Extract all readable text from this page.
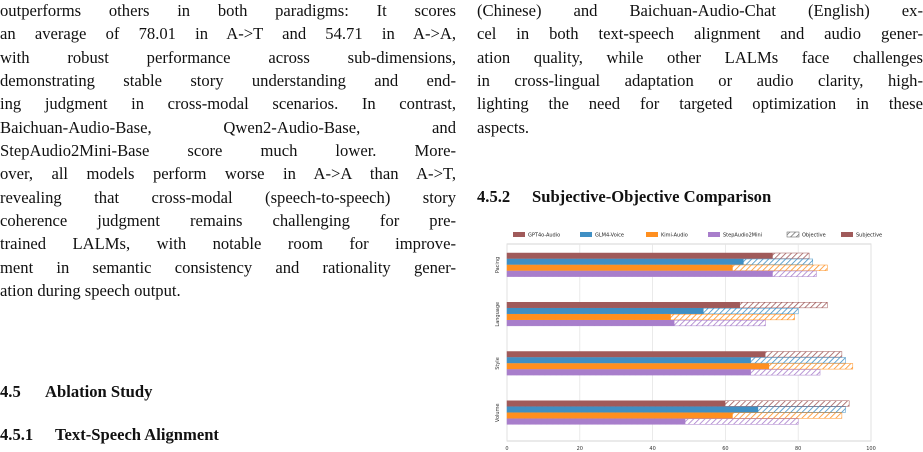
outperforms others in both paradigms: It scores
an average of 78.01 in A->T and 54.71 in A->A,
with robust performance across sub-dimensions,
demonstrating stable story understanding and end-
ing judgment in cross-modal scenarios. In contrast,
Baichuan-Audio-Base, Qwen2-Audio-Base, and
StepAudio2Mini-Base score much lower. More-
over, all models perform worse in A->A than A->T,
revealing that cross-modal (speech-to-speech) story
coherence judgment remains challenging for pre-
trained LALMs, with notable room for improve-
ment in semantic consistency and rationality gener-
ation during speech output.
4.5 Ablation Study
4.5.1 Text-Speech Alignment
(Chinese) and Baichuan-Audio-Chat (English) ex-
cel in both text-speech alignment and audio gener-
ation quality, while other LALMs face challenges
in cross-lingual adaptation or audio clarity, high-
lighting the need for targeted optimization in these
aspects.
4.5.2 Subjective-Objective Comparison
GPT4o-Audio	GLM4-Voice	Kimi-Audio	StepAudio2Mini	Objective	Subjective
Pacing
Language
Style
Volume
0	20	40	60	80	100
